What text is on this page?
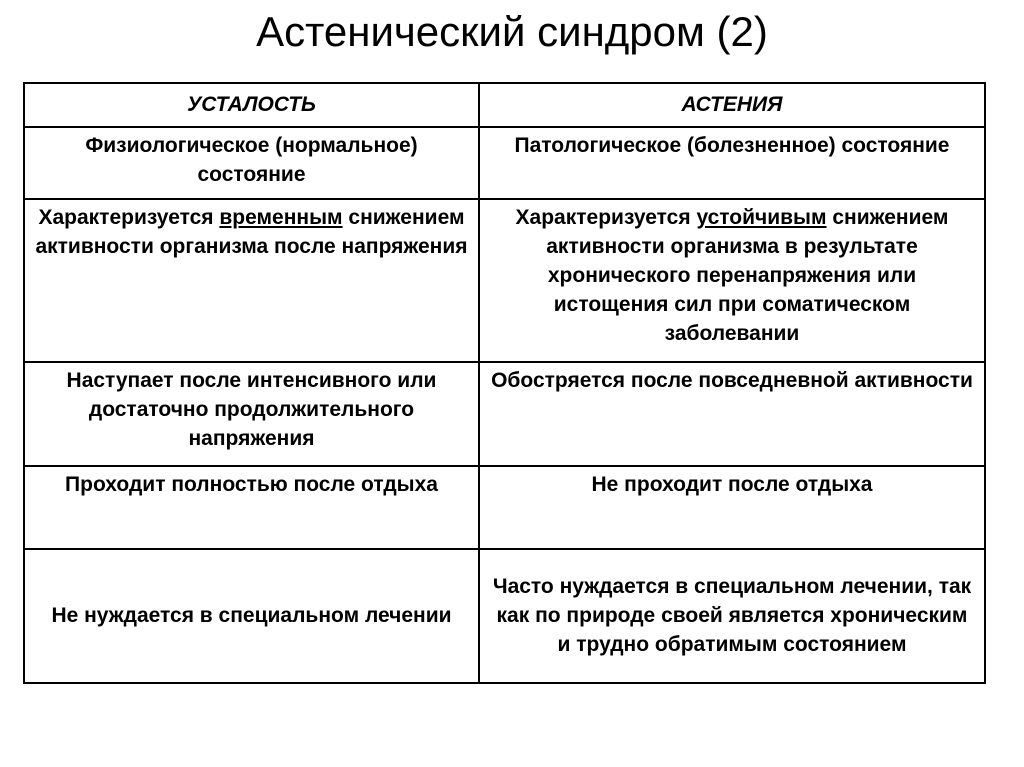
Астенический синдром (2)
УСТАЛОСТЬ	АСТЕНИЯ
Физиологическое (нормальное) состояние	Патологическое (болезненное) состояние
Характеризуется временным снижением активности организма после напряжения	Характеризуется устойчивым снижением активности организма в результате хронического перенапряжения или истощения сил при соматическом заболевании
Наступает после интенсивного или достаточно продолжительного напряжения	Обостряется после повседневной активности
Проходит полностью после отдыха	Не проходит после отдыха
Не нуждается в специальном лечении	Часто нуждается в специальном лечении, так как по природе своей является хроническим и трудно обратимым состоянием
